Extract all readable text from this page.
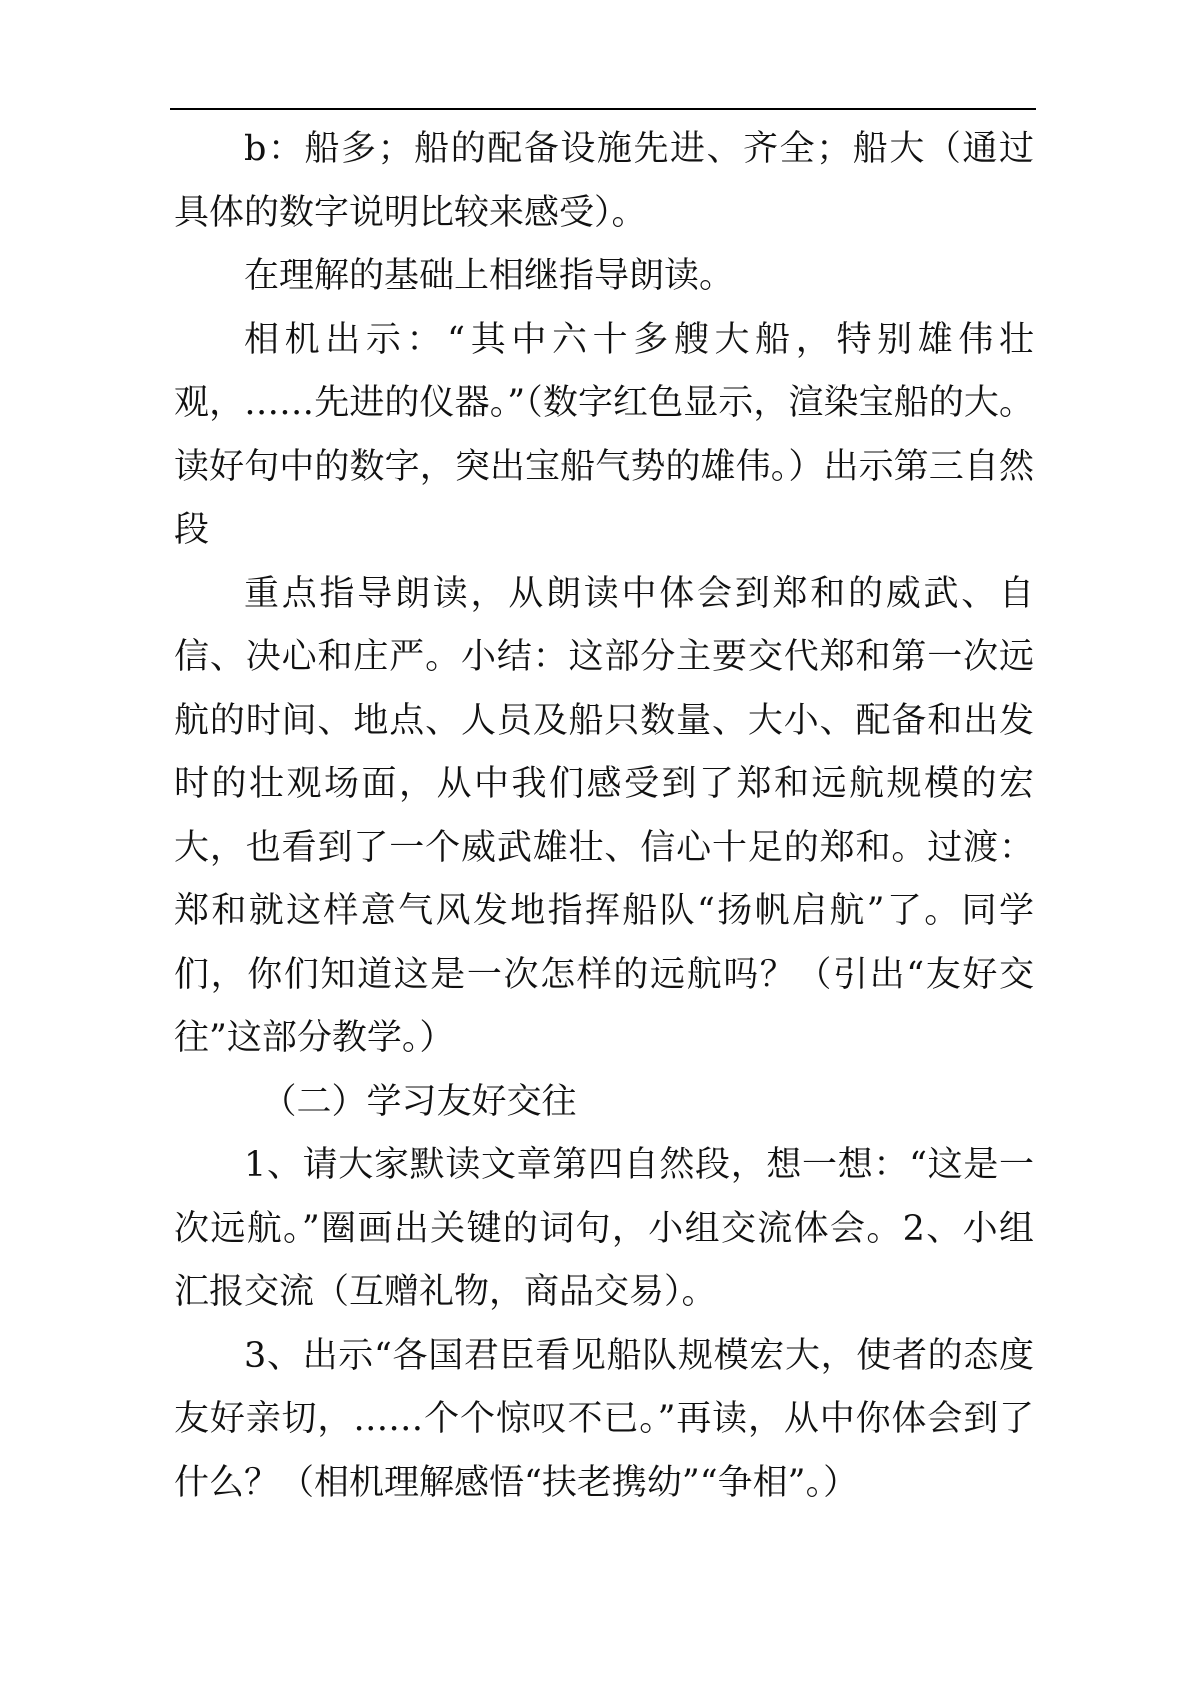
b：船多；船的配备设施先进、齐全；船大（通过具体的数字说明比较来感受）。

在理解的基础上相继指导朗读。

相机出示：“其中六十多艘大船，特别雄伟壮观，……先进的仪器。”（数字红色显示，渲染宝船的大。读好句中的数字，突出宝船气势的雄伟。）出示第三自然段

重点指导朗读，从朗读中体会到郑和的威武、自信、决心和庄严。小结：这部分主要交代郑和第一次远航的时间、地点、人员及船只数量、大小、配备和出发时的壮观场面，从中我们感受到了郑和远航规模的宏大，也看到了一个威武雄壮、信心十足的郑和。过渡：郑和就这样意气风发地指挥船队“扬帆启航”了。同学们，你们知道这是一次怎样的远航吗？（引出“友好交往”这部分教学。）

（二）学习友好交往

1、请大家默读文章第四自然段，想一想：“这是一次远航。”圈画出关键的词句，小组交流体会。2、小组汇报交流（互赠礼物，商品交易）。

3、出示“各国君臣看见船队规模宏大，使者的态度友好亲切，……个个惊叹不已。”再读，从中你体会到了什么？（相机理解感悟“扶老携幼”“争相”。）
